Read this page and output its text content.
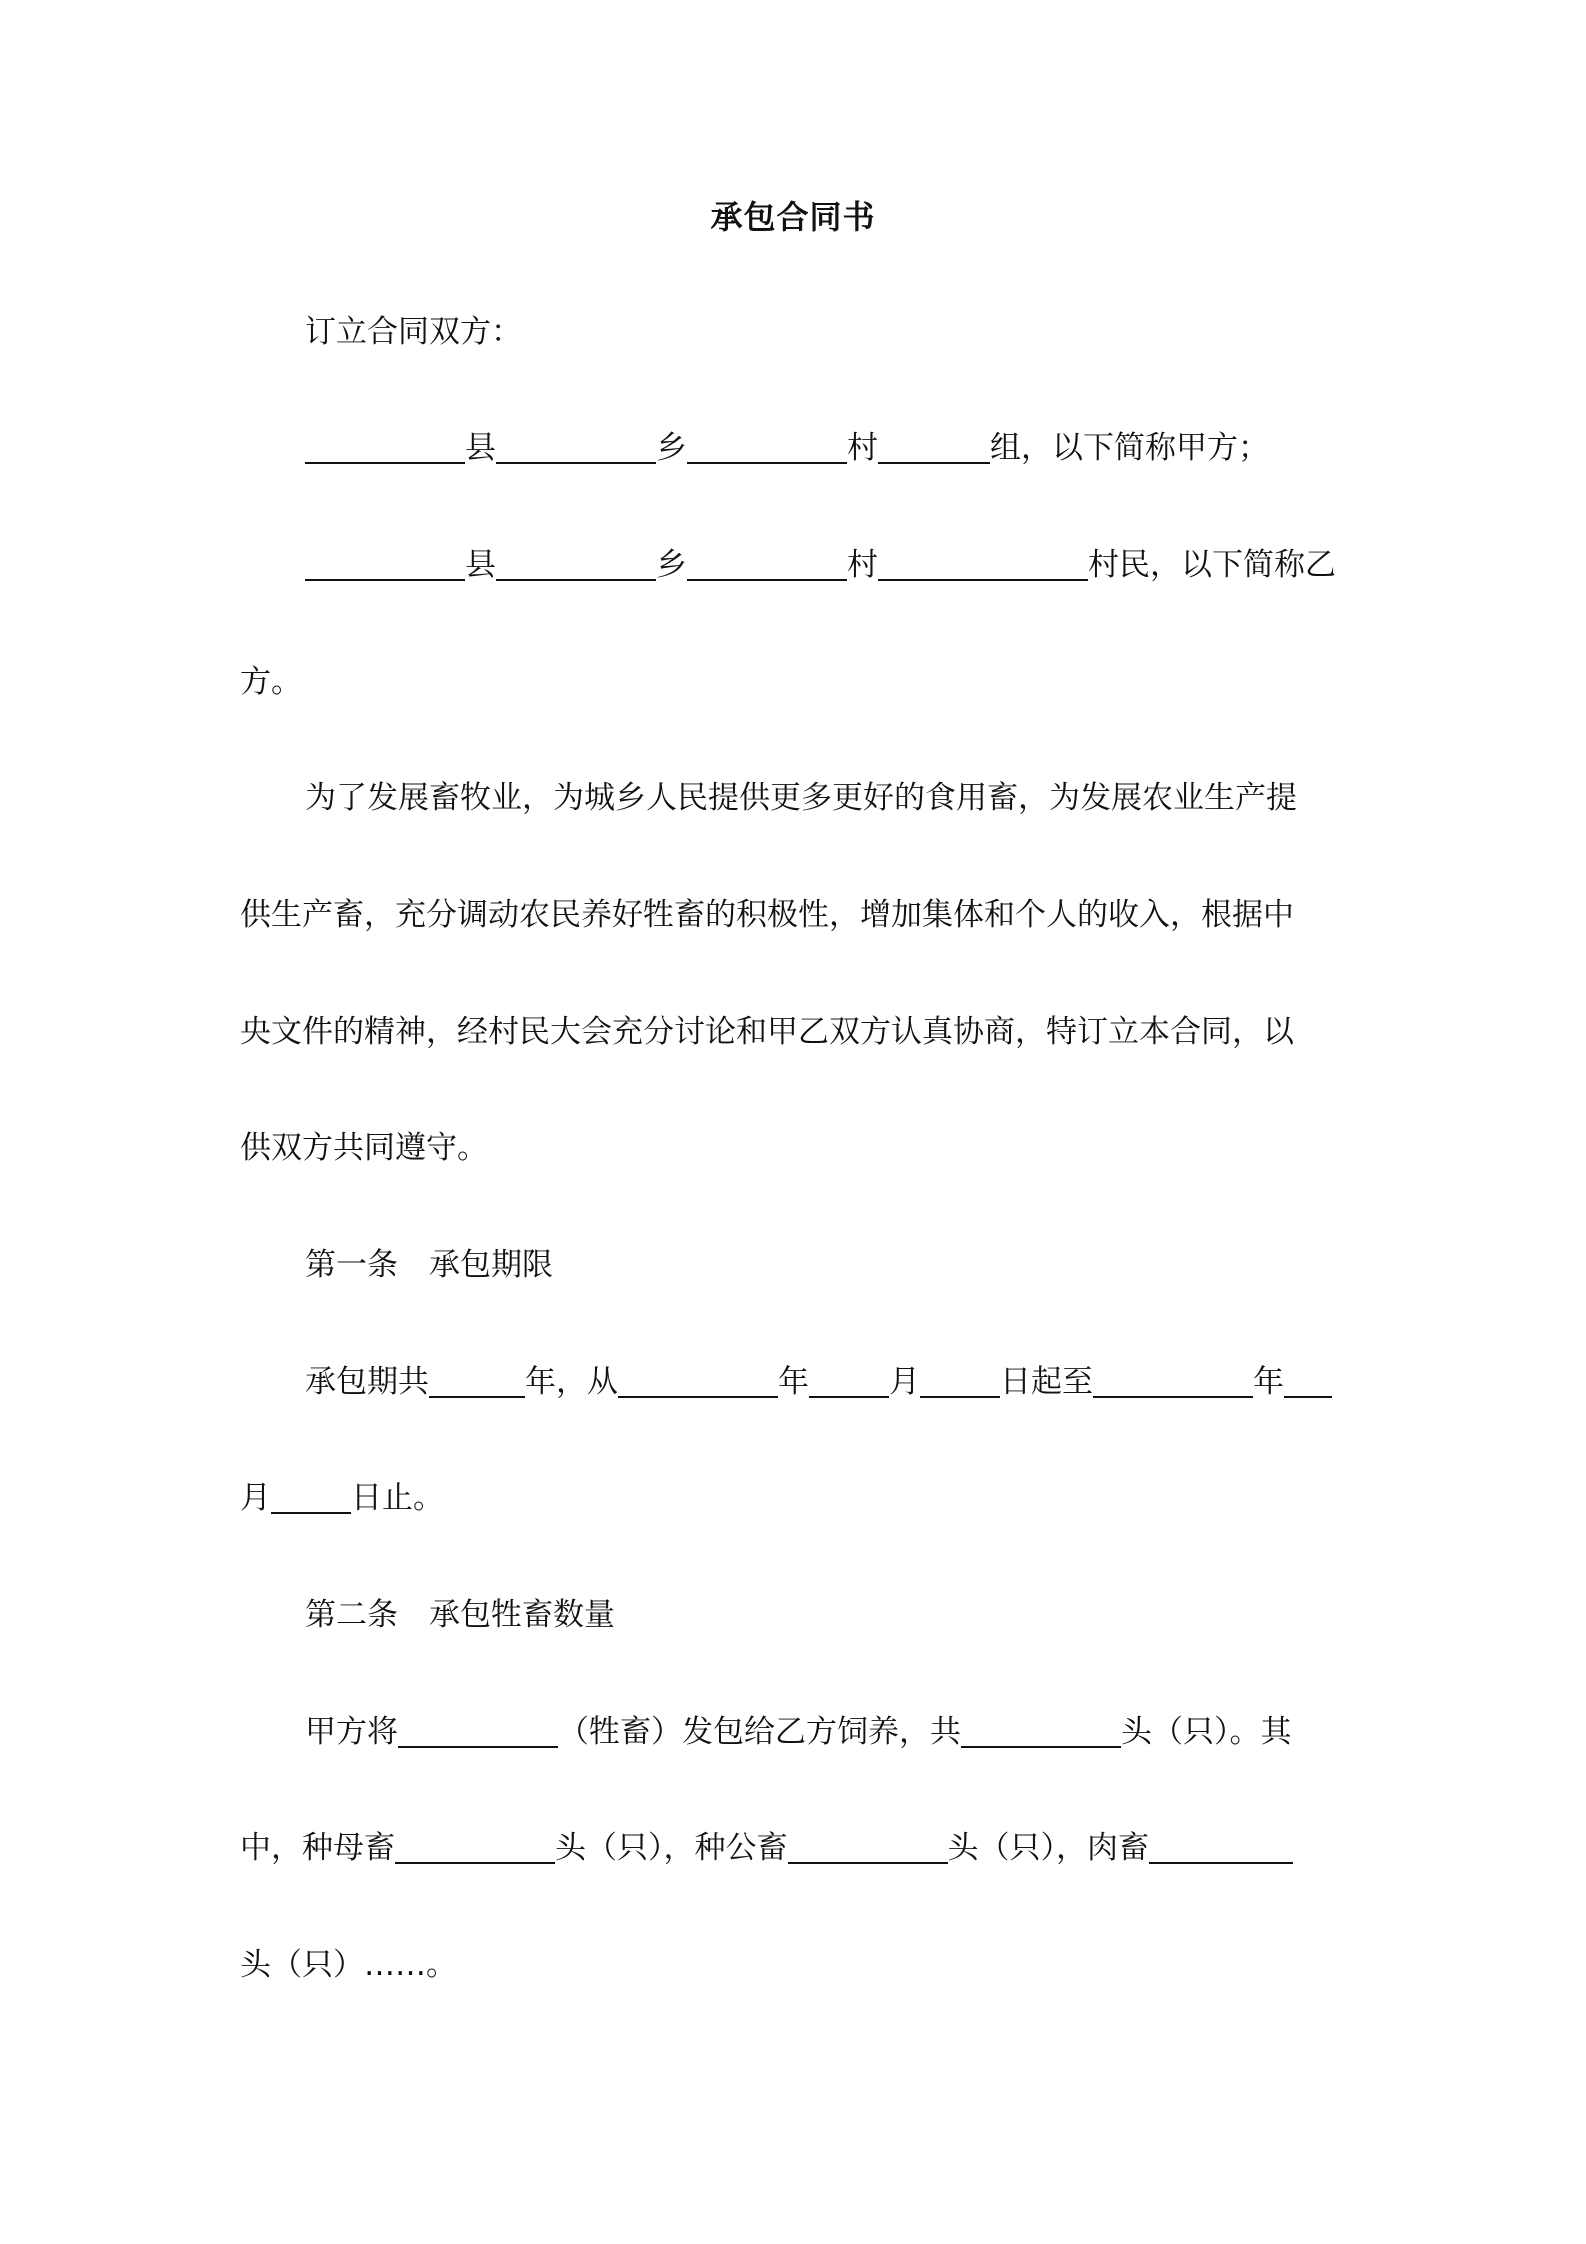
承包合同书
订立合同双方：
县	乡	村	组，以下简称甲方；
县	乡	村	村民，以下简称乙
方。
为了发展畜牧业，为城乡人民提供更多更好的食用畜，为发展农业生产提
供生产畜，充分调动农民养好牲畜的积极性，增加集体和个人的收入，根据中
央文件的精神，经村民大会充分讨论和甲乙双方认真协商，特订立本合同，以
供双方共同遵守。
第一条　承包期限
承包期共	年，从	年	月	日起至	年
月	日止。
第二条　承包牲畜数量
甲方将	（牲畜）发包给乙方饲养，共	头（只）。其
中，种母畜	头（只），种公畜	头（只），肉畜
头（只）……。
